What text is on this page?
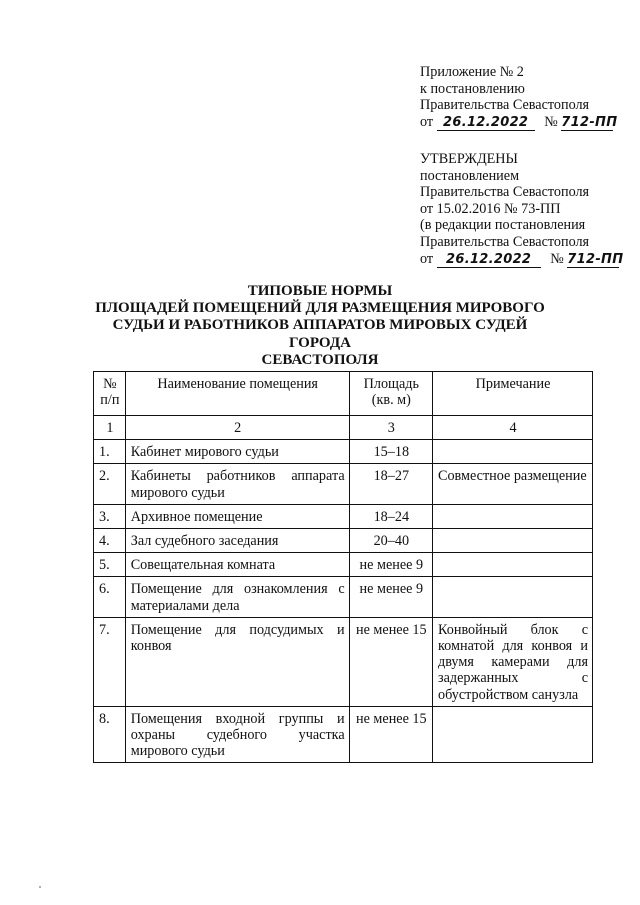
Приложение № 2
к постановлению
Правительства Севастополя
от 26.12.2022 № 712-ПП
УТВЕРЖДЕНЫ
постановлением
Правительства Севастополя
от 15.02.2016 № 73-ПП
(в редакции постановления
Правительства Севастополя
от 26.12.2022 № 712-ПП
ТИПОВЫЕ НОРМЫ
ПЛОЩАДЕЙ ПОМЕЩЕНИЙ ДЛЯ РАЗМЕЩЕНИЯ МИРОВОГО
СУДЬИ И РАБОТНИКОВ АППАРАТОВ МИРОВЫХ СУДЕЙ ГОРОДА
СЕВАСТОПОЛЯ
№ п/п	Наименование помещения	Площадь (кв. м)	Примечание
1	2	3	4
1.	Кабинет мирового судьи	15–18	
2.	Кабинеты работников аппарата мирового судьи	18–27	Совместное размещение
3.	Архивное помещение	18–24	
4.	Зал судебного заседания	20–40	
5.	Совещательная комната	не менее 9	
6.	Помещение для ознакомления с материалами дела	не менее 9	
7.	Помещение для подсудимых и конвоя	не менее 15	Конвойный блок с комнатой для конвоя и двумя камерами для задержанных с обустройством санузла
8.	Помещения входной группы и охраны судебного участка мирового судьи	не менее 15	
